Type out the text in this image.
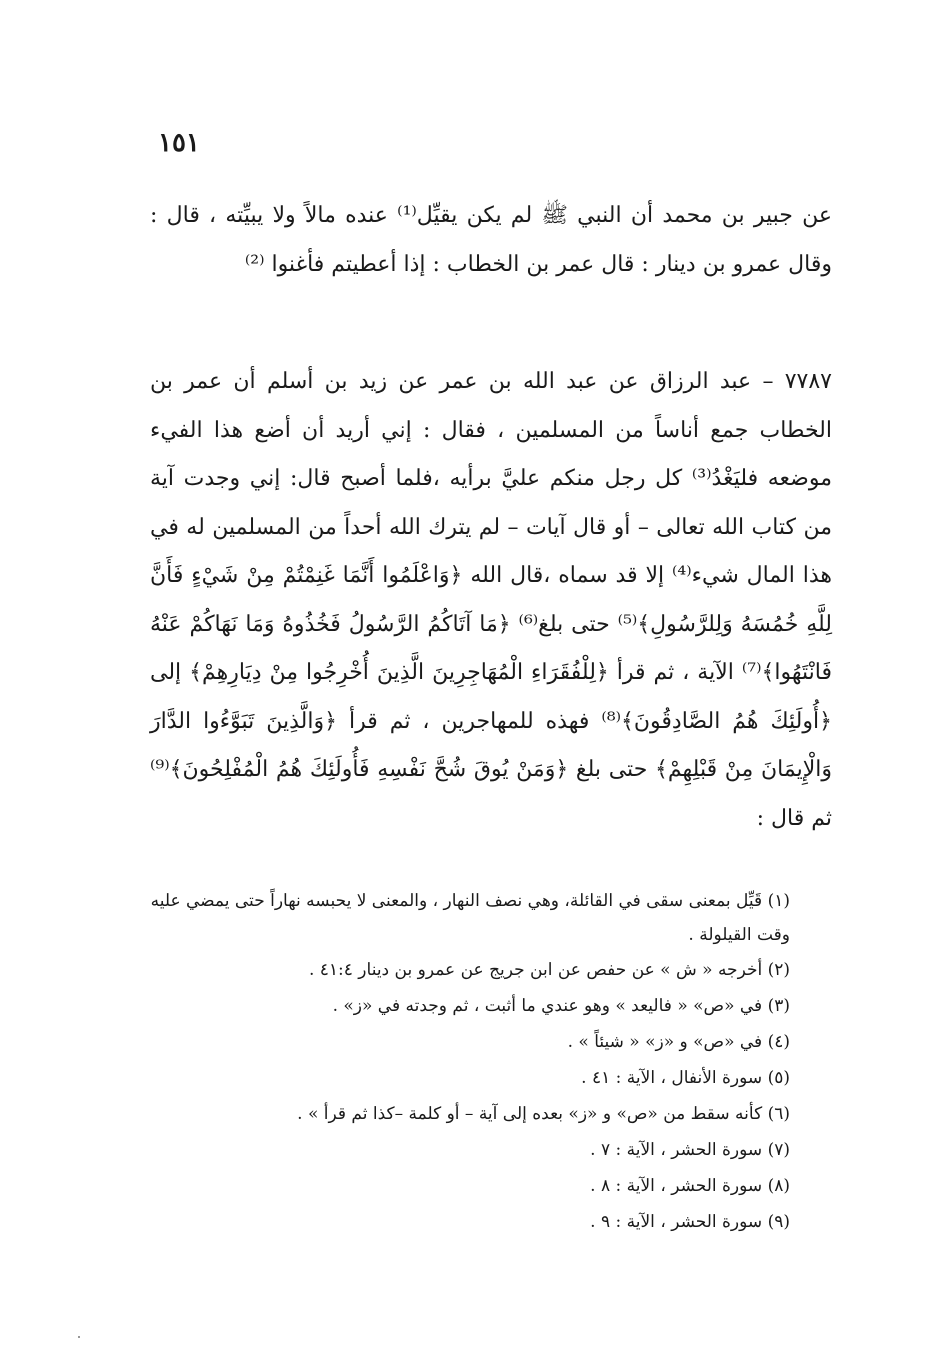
١٥١

عن جبير بن محمد أن النبي ﷺ لم يكن يقيِّل⁽¹⁾ عنده مالاً ولا يبيِّته ، قال : وقال عمرو بن دينار : قال عمر بن الخطاب : إذا أعطيتم فأغنوا ⁽²⁾

٧٧٨٧ – عبد الرزاق عن عبد الله بن عمر عن زيد بن أسلم أن عمر بن الخطاب جمع أناساً من المسلمين ، فقال : إني أريد أن أضع هذا الفيء موضعه فليَغْدُ⁽³⁾ كل رجل منكم عليَّ برأيه ،فلما أصبح قال: إني وجدت آية من كتاب الله تعالى – أو قال آيات – لم يترك الله أحداً من المسلمين له في هذا المال شيء⁽⁴⁾ إلا قد سماه ،قال الله ﴿وَاعْلَمُوا أَنَّمَا غَنِمْتُمْ مِنْ شَيْءٍ فَأَنَّ لِلَّهِ خُمُسَهُ وَلِلرَّسُولِ﴾⁽⁵⁾ حتى بلغ⁽⁶⁾ ﴿مَا آتَاكُمُ الرَّسُولُ فَخُذُوهُ وَمَا نَهَاكُمْ عَنْهُ فَانْتَهُوا﴾⁽⁷⁾ الآية ، ثم قرأ ﴿لِلْفُقَرَاءِ الْمُهَاجِرِينَ الَّذِينَ أُخْرِجُوا مِنْ دِيَارِهِمْ﴾ إلى ﴿أُولَئِكَ هُمُ الصَّادِقُونَ﴾⁽⁸⁾ فهذه للمهاجرين ، ثم قرأ ﴿وَالَّذِينَ تَبَوَّءُوا الدَّارَ وَالْإِيمَانَ مِنْ قَبْلِهِمْ﴾ حتى بلغ ﴿وَمَنْ يُوقَ شُحَّ نَفْسِهِ فَأُولَئِكَ هُمُ الْمُفْلِحُونَ﴾⁽⁹⁾ ثم قال :

(١) قَيِّل بمعنى سقى في القائلة، وهي نصف النهار ، والمعنى لا يحبسه نهاراً حتى يمضي عليه وقت القيلولة .

(٢) أخرجه « ش » عن حفص عن ابن جريج عن عمرو بن دينار ٤١:٤ .

(٣) في «ص» « فاليعد » وهو عندي ما أثبت ، ثم وجدته في «ز» .

(٤) في «ص» و «ز» « شيئاً » .

(٥) سورة الأنفال ، الآية : ٤١ .

(٦) كأنه سقط من «ص» و «ز» بعده إلى آية – أو كلمة –كذا ثم قرأ » .

(٧) سورة الحشر ، الآية : ٧ .

(٨) سورة الحشر ، الآية : ٨ .

(٩) سورة الحشر ، الآية : ٩ .
